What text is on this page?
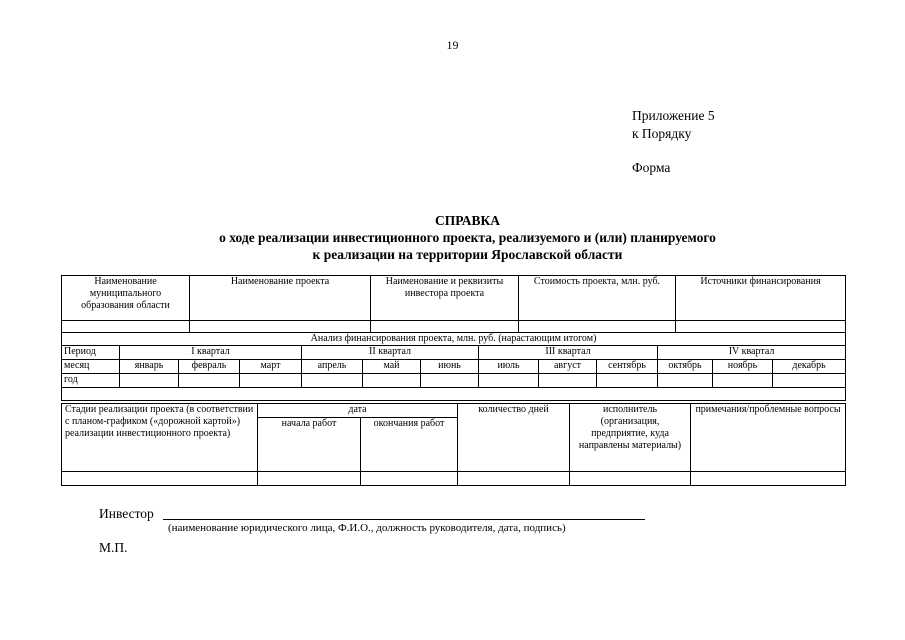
19
Приложение 5
к Порядку
Форма
СПРАВКА
о ходе реализации инвестиционного проекта, реализуемого и (или) планируемого
к реализации на территории Ярославской области
Наименование муниципального образования области	Наименование проекта	Наименование и реквизиты инвестора проекта	Стоимость проекта, млн. руб.	Источники финансирования

Анализ финансирования проекта, млн. руб. (нарастающим итогом)												
Период	I квартал			II квартал			III квартал			IV квартал		
месяц	январь	февраль	март	апрель	май	июнь	июль	август	сентябрь	октябрь	ноябрь	декабрь
год												

Стадии реализации проекта (в соответствии с планом-графиком («дорожной картой») реализации инвестиционного проекта)	дата		количество дней	исполнитель (организация, предприятие, куда направлены материалы)	примечания/проблемные вопросы
	начала работ	окончания работ			

Инвестор
(наименование юридического лица, Ф.И.О., должность руководителя, дата, подпись)
М.П.
